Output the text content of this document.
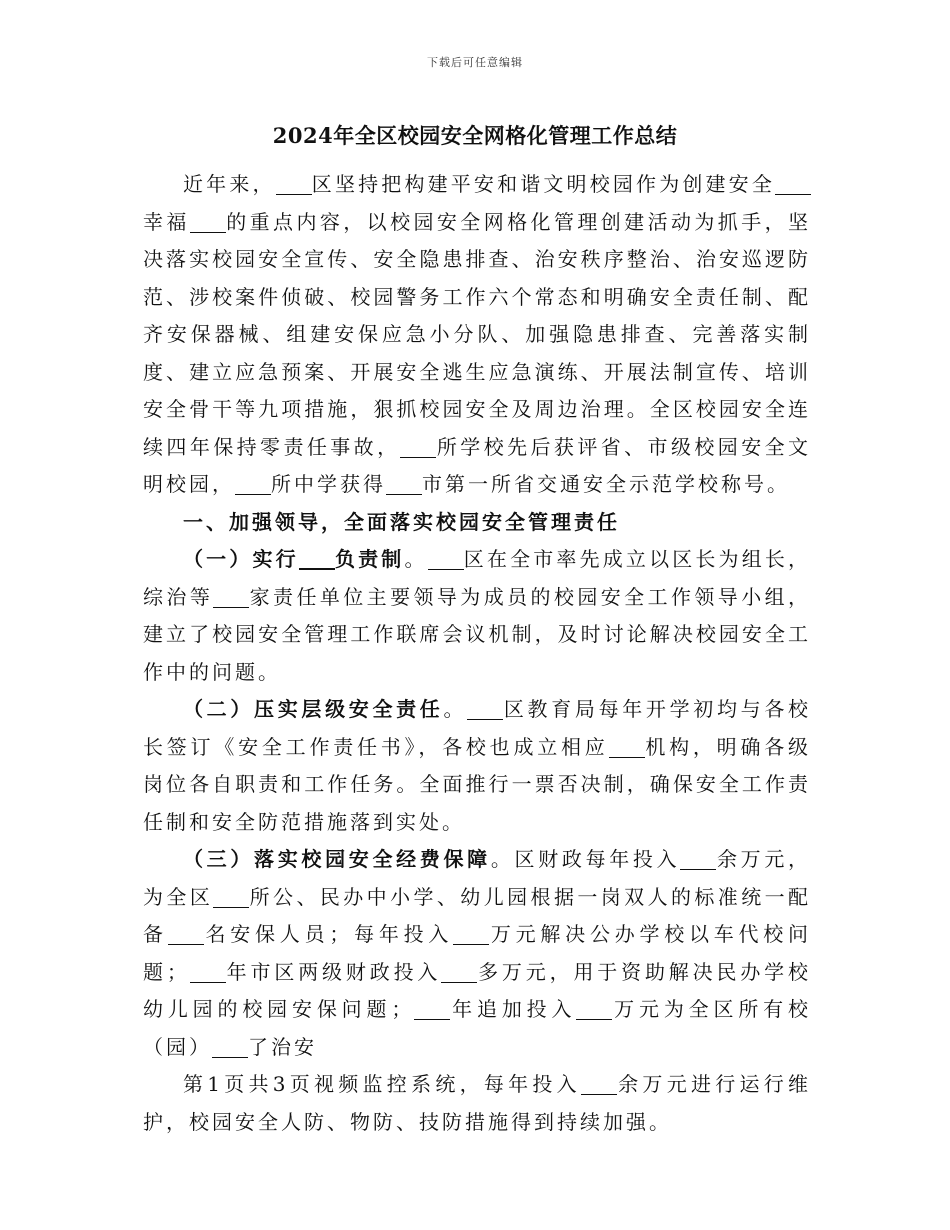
下载后可任意编辑
2024年全区校园安全网格化管理工作总结

近年来， 区坚持把构建平安和谐文明校园作为创建安全幸福 的重点内容，以校园安全网格化管理创建活动为抓手，坚决落实校园安全宣传、安全隐患排查、治安秩序整治、治安巡逻防范、涉校案件侦破、校园警务工作六个常态和明确安全责任制、配齐安保器械、组建安保应急小分队、加强隐患排查、完善落实制度、建立应急预案、开展安全逃生应急演练、开展法制宣传、培训安全骨干等九项措施，狠抓校园安全及周边治理。全区校园安全连续四年保持零责任事故， 所学校先后获评省、市级校园安全文明校园， 所中学获得 市第一所省交通安全示范学校称号。

一、加强领导，全面落实校园安全管理责任

（一）实行 负责制。 区在全市率先成立以区长为组长，综治等 家责任单位主要领导为成员的校园安全工作领导小组，建立了校园安全管理工作联席会议机制，及时讨论解决校园安全工作中的问题。

（二）压实层级安全责任。 区教育局每年开学初均与各校长签订《安全工作责任书》，各校也成立相应 机构，明确各级岗位各自职责和工作任务。全面推行一票否决制，确保安全工作责任制和安全防范措施落到实处。

（三）落实校园安全经费保障。区财政每年投入 余万元，为全区 所公、民办中小学、幼儿园根据一岗双人的标准统一配备 名安保人员；每年投入 万元解决公办学校以车代校问题； 年市区两级财政投入 多万元，用于资助解决民办学校幼儿园的校园安保问题； 年追加投入 万元为全区所有校（园） 了治安

第1页共3页视频监控系统，每年投入 余万元进行运行维护，校园安全人防、物防、技防措施得到持续加强。
